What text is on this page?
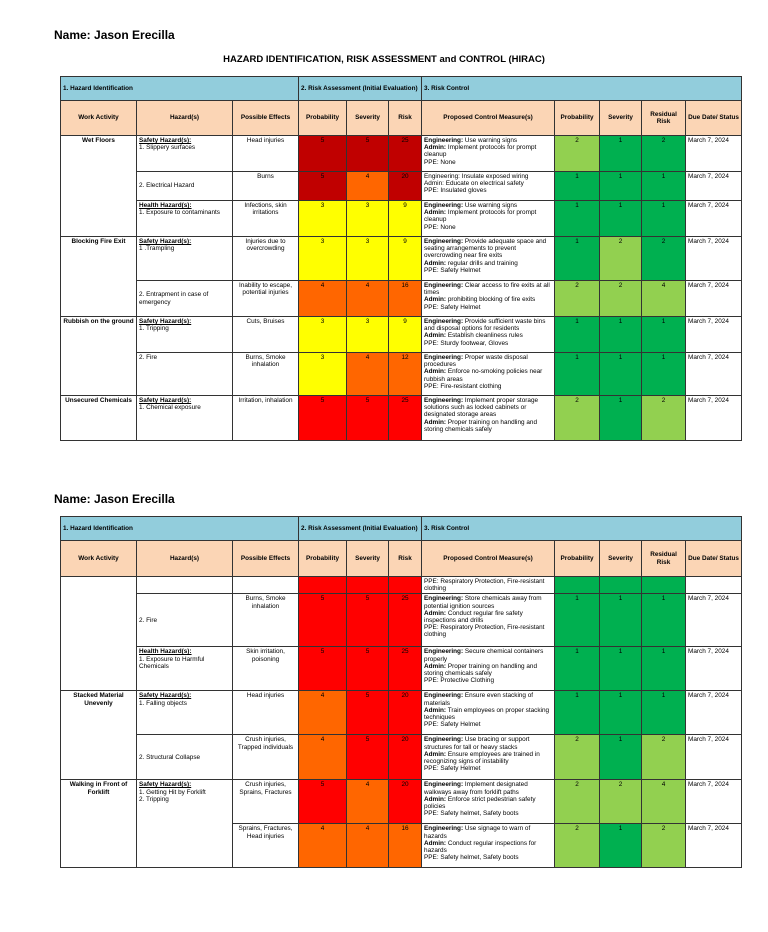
Name: Jason Erecilla
HAZARD IDENTIFICATION, RISK ASSESSMENT and CONTROL (HIRAC)
1. Hazard Identification			2. Risk Assessment (Initial Evaluation)			3. Risk Control				
Work Activity	Hazard(s)	Possible Effects	Probability	Severity	Risk	Proposed Control Measure(s)	Probability	Severity	Residual Risk	Due Date/ Status
Wet Floors	Safety Hazard(s):
1. Slippery surfaces	Head injuries	5	5	25	Engineering: Use warning signs
Admin: Implement protocols for prompt cleanup
PPE: None	2	1	2	March 7, 2024

	2. Electrical Hazard	Burns	5	4	20	Engineering: Insulate exposed wiring
Admin: Educate on electrical safety
PPE: Insulated gloves	1	1	1	March 7, 2024

	Health Hazard(s):
1. Exposure to contaminants	Infections, skin irritations	3	3	9	Engineering: Use warning signs
Admin: Implement protocols for prompt cleanup
PPE: None	1	1	1	March 7, 2024
Blocking Fire Exit	Safety Hazard(s):
1 .Trampling	Injuries due to overcrowding	3	3	9	Engineering: Provide adequate space and seating arrangements to prevent overcrowding near fire exits
Admin: regular drills and training
PPE: Safety Helmet	1	2	2	March 7, 2024

	2. Entrapment in case of emergency	Inability to escape, potential injuries	4	4	16	Engineering: Clear access to fire exits at all times
Admin: prohibiting blocking of fire exits
PPE: Safety Helmet	2	2	4	March 7, 2024
Rubbish on the ground	Safety Hazard(s):
1. Tripping	Cuts, Bruises	3	3	9	Engineering: Provide sufficient waste bins and disposal options for residents
Admin: Establish cleanliness rules
PPE: Sturdy footwear, Gloves	1	1	1	March 7, 2024

	2. Fire	Burns, Smoke inhalation	3	4	12	Engineering: Proper waste disposal procedures
Admin: Enforce no-smoking policies near rubbish areas
PPE: Fire-resistant clothing	1	1	1	March 7, 2024
Unsecured Chemicals	Safety Hazard(s):
1. Chemical exposure	Irritation, inhalation	5	5	25	Engineering: Implement proper storage solutions such as locked cabinets or designated storage areas
Admin: Proper training on handling and storing chemicals safely	2	1	2	March 7, 2024
Name: Jason Erecilla
1. Hazard Identification			2. Risk Assessment (Initial Evaluation)			3. Risk Control				
Work Activity	Hazard(s)	Possible Effects	Probability	Severity	Risk	Proposed Control Measure(s)	Probability	Severity	Residual Risk	Due Date/ Status
						PPE: Respiratory Protection, Fire-resistant clothing				

	2. Fire	Burns, Smoke inhalation	5	5	25	Engineering: Store chemicals away from potential ignition sources
Admin: Conduct regular fire safety inspections and drills
PPE: Respiratory Protection, Fire-resistant clothing	1	1	1	March 7, 2024

	Health Hazard(s):
1. Exposure to Harmful Chemicals	Skin irritation, poisoning	5	5	25	Engineering: Secure chemical containers properly
Admin: Proper training on handling and storing chemicals safely
PPE: Protective Clothing	1	1	1	March 7, 2024
Stacked Material Unevenly	Safety Hazard(s):
1. Falling objects	Head injuries	4	5	20	Engineering: Ensure even stacking of materials
Admin: Train employees on proper stacking techniques
PPE: Safety Helmet	1	1	1	March 7, 2024

	2. Structural Collapse	Crush injuries, Trapped individuals	4	5	20	Engineering: Use bracing or support structures for tall or heavy stacks
Admin: Ensure employees are trained in recognizing signs of instability
PPE: Safety Helmet	2	1	2	March 7, 2024
Walking in Front of Forklift	Safety Hazard(s):
1. Getting Hit by Forklift
2. Tripping	Crush injuries, Sprains, Fractures	5	4	20	Engineering: Implement designated walkways away from forklift paths
Admin: Enforce strict pedestrian safety policies
PPE: Safety helmet, Safety boots	2	2	4	March 7, 2024
		Sprains, Fractures, Head injuries	4	4	16	Engineering: Use signage to warn of hazards
Admin: Conduct regular inspections for hazards
PPE: Safety helmet, Safety boots	2	1	2	March 7, 2024
